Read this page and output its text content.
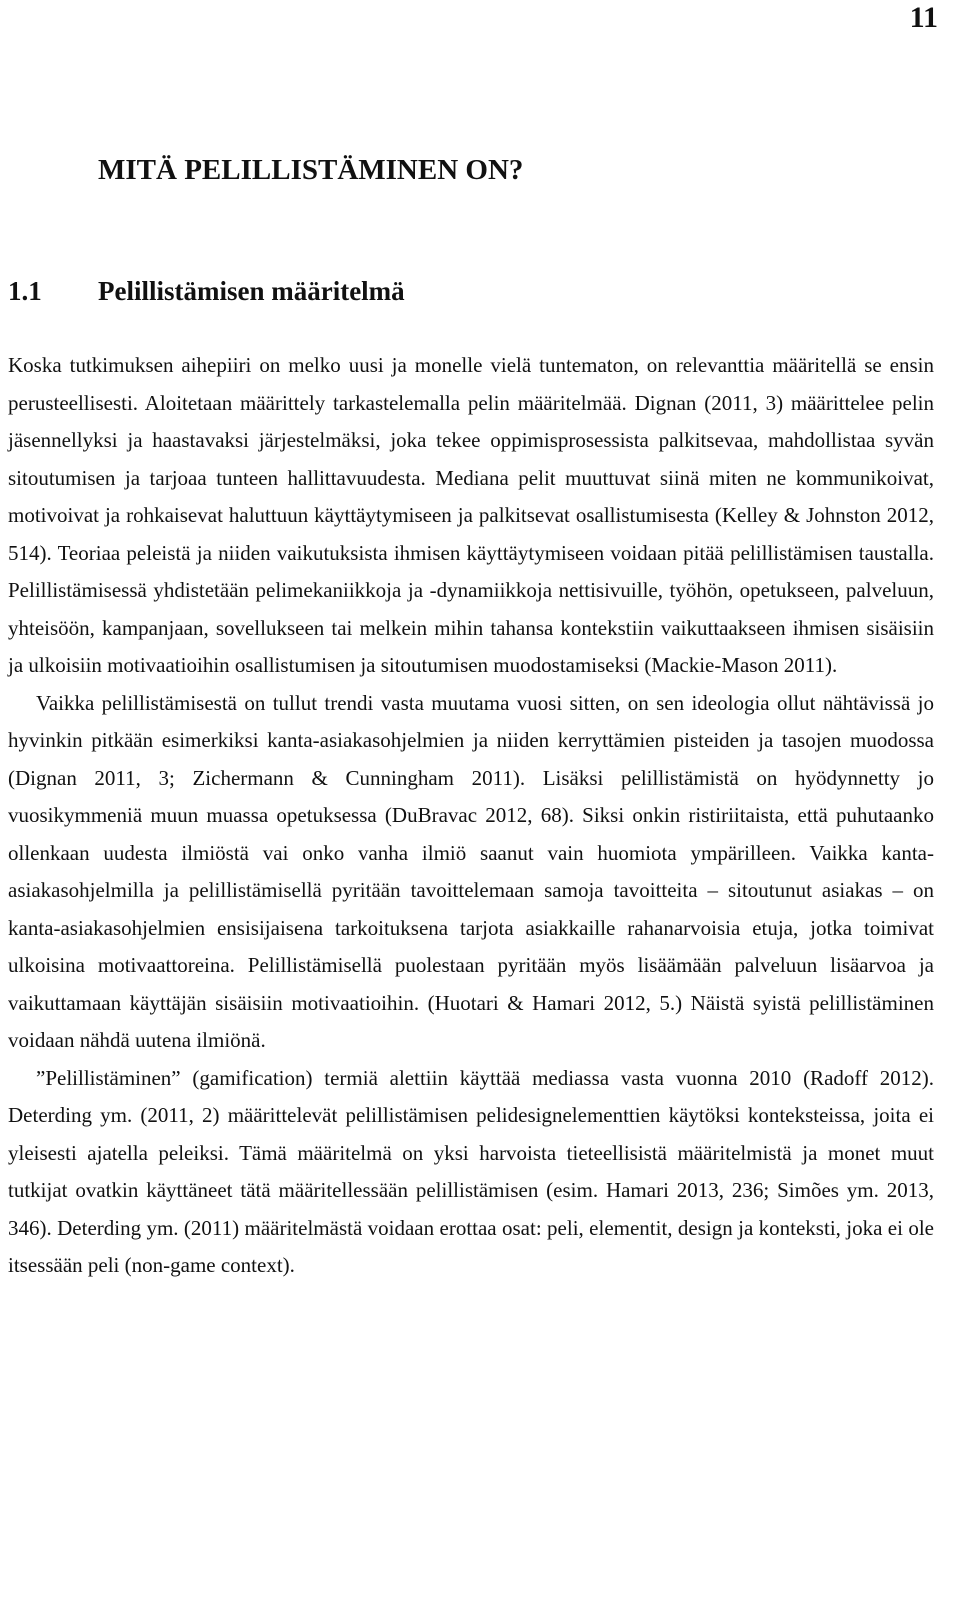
11
MITÄ PELILLISTÄMINEN ON?
1.1 Pelillistämisen määritelmä

Koska tutkimuksen aihepiiri on melko uusi ja monelle vielä tuntematon, on relevanttia määritellä se ensin perusteellisesti. Aloitetaan määrittely tarkastelemalla pelin määritelmää. Dignan (2011, 3) määrittelee pelin jäsennellyksi ja haastavaksi järjestelmäksi, joka tekee oppimisprosessista palkitsevaa, mahdollistaa syvän sitoutumisen ja tarjoaa tunteen hallittavuudesta. Mediana pelit muuttuvat siinä miten ne kommunikoivat, motivoivat ja rohkaisevat haluttuun käyttäytymiseen ja palkitsevat osallistumisesta (Kelley & Johnston 2012, 514). Teoriaa peleistä ja niiden vaikutuksista ihmisen käyttäytymiseen voidaan pitää pelillistämisen taustalla. Pelillistämisessä yhdistetään pelimekaniikkoja ja -dynamiikkoja nettisivuille, työhön, opetukseen, palveluun, yhteisöön, kampanjaan, sovellukseen tai melkein mihin tahansa kontekstiin vaikuttaakseen ihmisen sisäisiin ja ulkoisiin motivaatioihin osallistumisen ja sitoutumisen muodostamiseksi (Mackie-Mason 2011).

Vaikka pelillistämisestä on tullut trendi vasta muutama vuosi sitten, on sen ideologia ollut nähtävissä jo hyvinkin pitkään esimerkiksi kanta-asiakasohjelmien ja niiden kerryttämien pisteiden ja tasojen muodossa (Dignan 2011, 3; Zichermann & Cunningham 2011). Lisäksi pelillistämistä on hyödynnetty jo vuosikymmeniä muun muassa opetuksessa (DuBravac 2012, 68). Siksi onkin ristiriitaista, että puhutaanko ollenkaan uudesta ilmiöstä vai onko vanha ilmiö saanut vain huomiota ympärilleen. Vaikka kantaasiakasohjelmilla ja pelillistämisellä pyritään tavoittelemaan samoja tavoitteita – sitoutunut asiakas – on kanta-asiakasohjelmien ensisijaisena tarkoituksena tarjota asiakkaille rahanarvoisia etuja, jotka toimivat ulkoisina motivaattoreina. Pelillistämisellä puolestaan pyritään myös lisäämään palveluun lisäarvoa ja vaikuttamaan käyttäjän sisäisiin motivaatioihin. (Huotari & Hamari 2012, 5.) Näistä syistä pelillistäminen voidaan nähdä uutena ilmiönä.

”Pelillistäminen” (gamification) termiä alettiin käyttää mediassa vasta vuonna 2010 (Radoff 2012). Deterding ym. (2011, 2) määrittelevät pelillistämisen pelidesignelementtien käytöksi konteksteissa, joita ei yleisesti ajatella peleiksi. Tämä määritelmä on yksi harvoista tieteellisistä määritelmistä ja monet muut tutkijat ovatkin käyttäneet tätä määritellessään pelillistämisen (esim. Hamari 2013, 236; Simões ym. 2013, 346). Deterding ym. (2011) määritelmästä voidaan erottaa osat: peli, elementit, design ja konteksti, joka ei ole itsessään peli (non-game context).
